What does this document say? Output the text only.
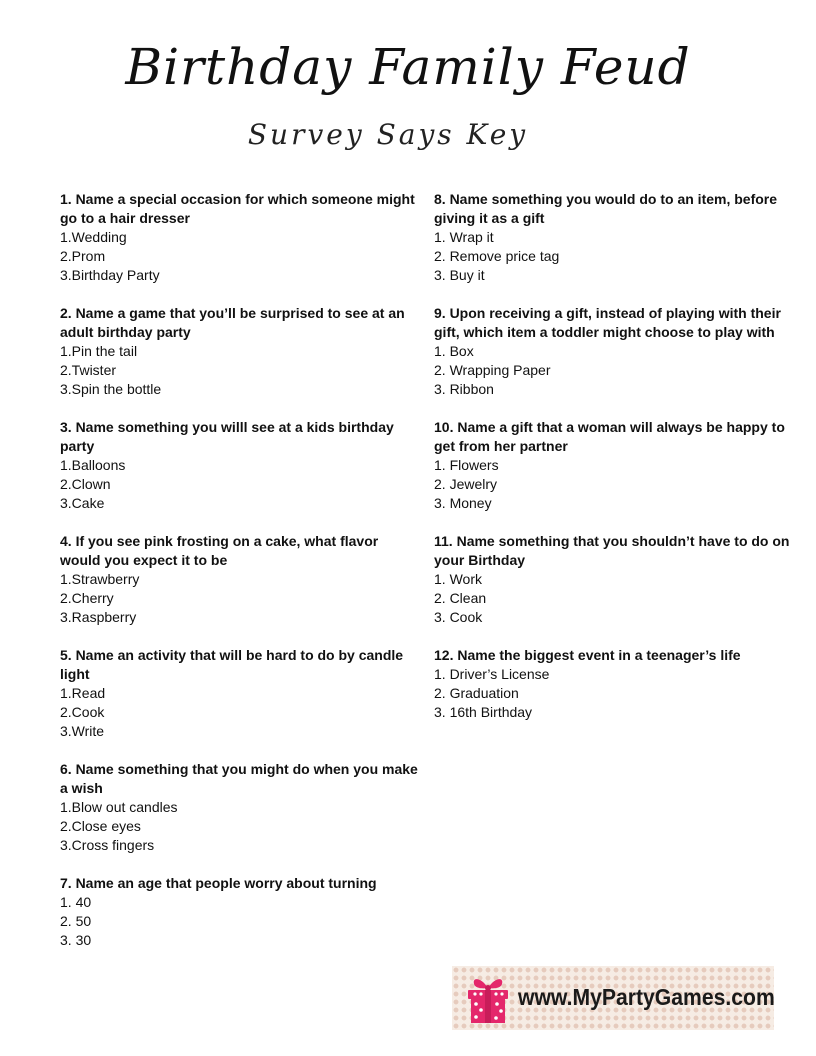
Birthday Family Feud
Survey Says Key
1. Name a special occasion for which someone might go to a hair dresser
1.Wedding
2.Prom
3.Birthday Party
2. Name a game that you’ll be surprised to see at an adult birthday party
1.Pin the tail
2.Twister
3.Spin the bottle
3. Name something you willl see at a kids birthday party
1.Balloons
2.Clown
3.Cake
4. If you see pink frosting on a cake, what flavor would you expect it to be
1.Strawberry
2.Cherry
3.Raspberry
5. Name an activity that will be hard to do by candle light
1.Read
2.Cook
3.Write
6. Name something that you might do when you make a wish
1.Blow out candles
2.Close eyes
3.Cross fingers
7. Name an age that people worry about turning
1. 40
2. 50
3. 30
8. Name something you would do to an item, before giving it as a gift
1. Wrap it
2. Remove price tag
3. Buy it
9. Upon receiving a gift, instead of playing with their gift, which item a toddler might choose to play with
1. Box
2. Wrapping Paper
3. Ribbon
10. Name a gift that a woman will always be happy to get from her partner
1. Flowers
2. Jewelry
3. Money
11. Name something that you shouldn’t have to do on your Birthday
1. Work
2. Clean
3. Cook
12. Name the biggest event in a teenager’s life
1. Driver’s License
2. Graduation
3. 16th Birthday
www.MyPartyGames.com
